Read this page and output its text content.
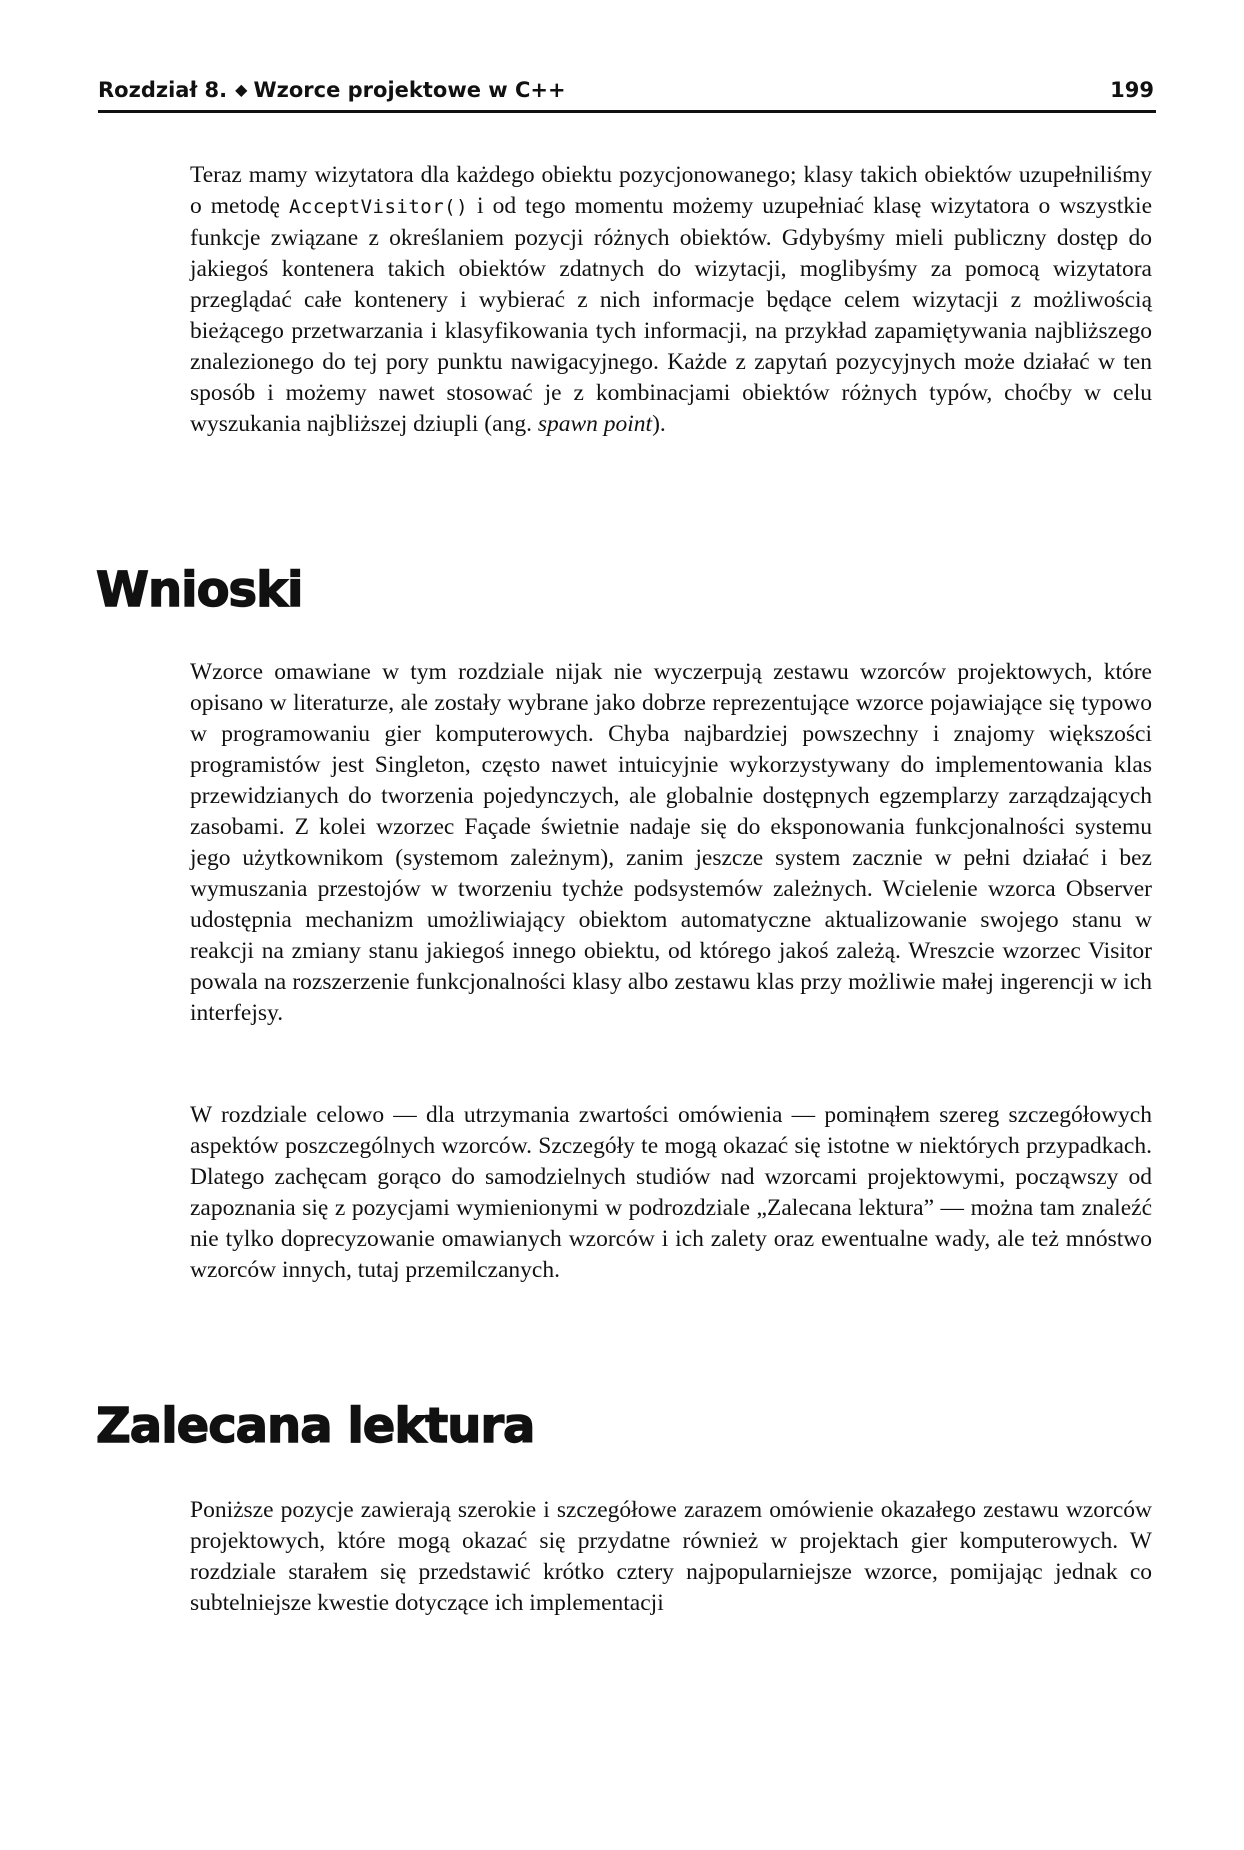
Rozdział 8. ◆ Wzorce projektowe w C++	199

Teraz mamy wizytatora dla każdego obiektu pozycjonowanego; klasy takich obiektów uzupełniliśmy o metodę AcceptVisitor() i od tego momentu możemy uzupełniać klasę wizytatora o wszystkie funkcje związane z określaniem pozycji różnych obiektów. Gdybyśmy mieli publiczny dostęp do jakiegoś kontenera takich obiektów zdatnych do wizytacji, moglibyśmy za pomocą wizytatora przeglądać całe kontenery i wybierać z nich informacje będące celem wizytacji z możliwością bieżącego przetwarzania i klasyfikowania tych informacji, na przykład zapamiętywania najbliższego znalezionego do tej pory punktu nawigacyjnego. Każde z zapytań pozycyjnych może działać w ten sposób i możemy nawet stosować je z kombinacjami obiektów różnych typów, choćby w celu wyszukania najbliższej dziupli (ang. spawn point).

Wnioski

Wzorce omawiane w tym rozdziale nijak nie wyczerpują zestawu wzorców projektowych, które opisano w literaturze, ale zostały wybrane jako dobrze reprezentujące wzorce pojawiające się typowo w programowaniu gier komputerowych. Chyba najbardziej powszechny i znajomy większości programistów jest Singleton, często nawet intuicyjnie wykorzystywany do implementowania klas przewidzianych do tworzenia pojedynczych, ale globalnie dostępnych egzemplarzy zarządzających zasobami. Z kolei wzorzec Façade świetnie nadaje się do eksponowania funkcjonalności systemu jego użytkownikom (systemom zależnym), zanim jeszcze system zacznie w pełni działać i bez wymuszania przestojów w tworzeniu tychże podsystemów zależnych. Wcielenie wzorca Observer udostępnia mechanizm umożliwiający obiektom automatyczne aktualizowanie swojego stanu w reakcji na zmiany stanu jakiegoś innego obiektu, od którego jakoś zależą. Wreszcie wzorzec Visitor powala na rozszerzenie funkcjonalności klasy albo zestawu klas przy możliwie małej ingerencji w ich interfejsy.

W rozdziale celowo — dla utrzymania zwartości omówienia — pominąłem szereg szczegółowych aspektów poszczególnych wzorców. Szczegóły te mogą okazać się istotne w niektórych przypadkach. Dlatego zachęcam gorąco do samodzielnych studiów nad wzorcami projektowymi, począwszy od zapoznania się z pozycjami wymienionymi w podrozdziale „Zalecana lektura” — można tam znaleźć nie tylko doprecyzowanie omawianych wzorców i ich zalety oraz ewentualne wady, ale też mnóstwo wzorców innych, tutaj przemilczanych.

Zalecana lektura

Poniższe pozycje zawierają szerokie i szczegółowe zarazem omówienie okazałego zestawu wzorców projektowych, które mogą okazać się przydatne również w projektach gier komputerowych. W rozdziale starałem się przedstawić krótko cztery najpopularniejsze wzorce, pomijając jednak co subtelniejsze kwestie dotyczące ich implementacji
